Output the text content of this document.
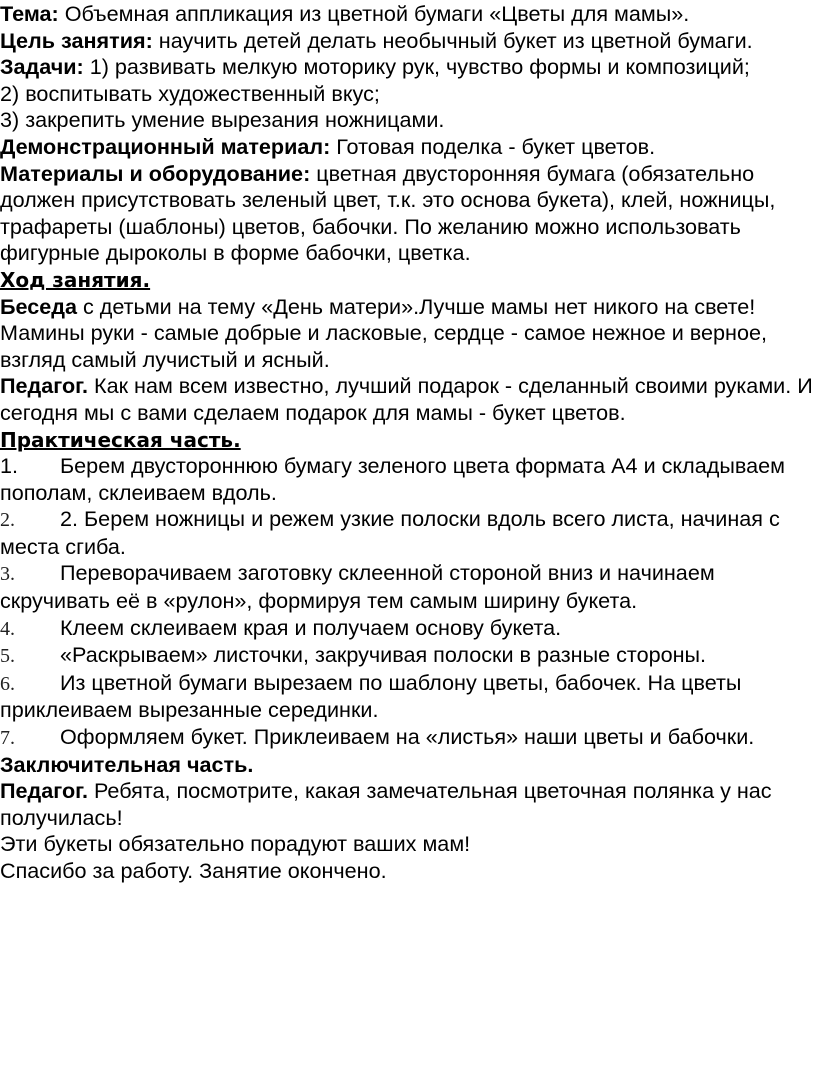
Тема: Объемная аппликация из цветной бумаги «Цветы для мамы».

Цель занятия: научить детей делать необычный букет из цветной бумаги.

Задачи: 1) развивать мелкую моторику рук, чувство формы и композиций;

2) воспитывать художественный вкус;

3) закрепить умение вырезания ножницами.

Демонстрационный материал: Готовая поделка - букет цветов.

Материалы и оборудование: цветная двусторонняя бумага (обязательно должен присутствовать зеленый цвет, т.к. это основа букета), клей, ножницы, трафареты (шаблоны) цветов, бабочки. По желанию можно использовать фигурные дыроколы в форме бабочки, цветка.

Ход занятия.

Беседа с детьми на тему «День матери».Лучше мамы нет никого на свете! Мамины руки - самые добрые и ласковые, сердце - самое нежное и верное, взгляд самый лучистый и ясный.

Педагог. Как нам всем известно, лучший подарок - сделанный своими руками. И сегодня мы с вами сделаем подарок для мамы - букет цветов.

Практическая часть.

1. Берем двустороннюю бумагу зеленого цвета формата А4 и складываем пополам, склеиваем вдоль.

2. 2. Берем ножницы и режем узкие полоски вдоль всего листа, начиная с места сгиба.

3. Переворачиваем заготовку склеенной стороной вниз и начинаем скручивать её в «рулон», формируя тем самым ширину букета.

4. Клеем склеиваем края и получаем основу букета.

5. «Раскрываем» листочки, закручивая полоски в разные стороны.

6. Из цветной бумаги вырезаем по шаблону цветы, бабочек. На цветы приклеиваем вырезанные серединки.

7. Оформляем букет. Приклеиваем на «листья» наши цветы и бабочки.

Заключительная часть.

Педагог. Ребята, посмотрите, какая замечательная цветочная полянка у нас получилась!

Эти букеты обязательно порадуют ваших мам!

Спасибо за работу. Занятие окончено.
